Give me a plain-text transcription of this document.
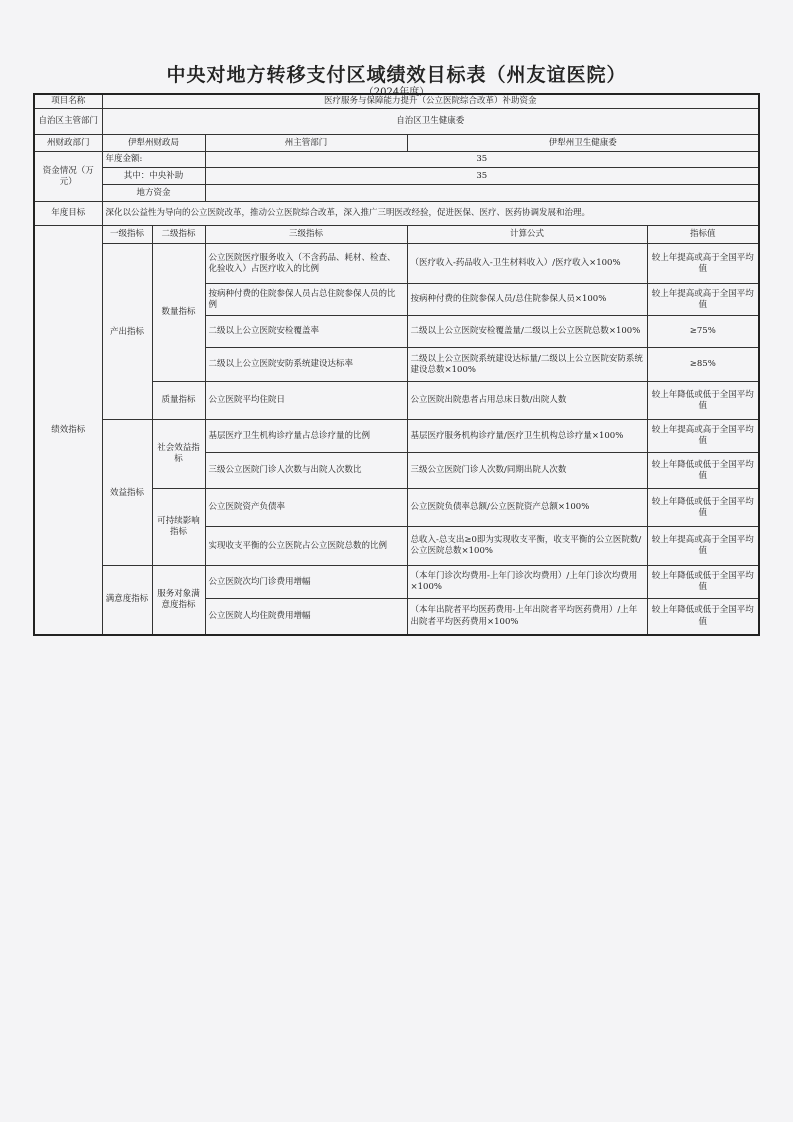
中央对地方转移支付区域绩效目标表（州友谊医院）
（2024年度）
项目名称	医疗服务与保障能力提升（公立医院综合改革）补助资金				
自治区主管部门	自治区卫生健康委				
州财政部门	伊犁州财政局		州主管部门	伊犁州卫生健康委	
资金情况（万元）	年度金额:		35		
	其中：中央补助		35		
	地方资金				
年度目标	深化以公益性为导向的公立医院改革，推动公立医院综合改革，深入推广三明医改经验，促进医保、医疗、医药协调发展和治理。				
绩效指标	一级指标	二级指标	三级指标	计算公式	指标值
	产出指标	数量指标	公立医院医疗服务收入（不含药品、耗材、检查、化验收入）占医疗收入的比例	（医疗收入-药品收入-卫生材料收入）/医疗收入×100%	较上年提高或高于全国平均值
			按病种付费的住院参保人员占总住院参保人员的比例	按病种付费的住院参保人员/总住院参保人员×100%	较上年提高或高于全国平均值
			二级以上公立医院安检覆盖率	二级以上公立医院安检覆盖量/二级以上公立医院总数×100%	≥75%
			二级以上公立医院安防系统建设达标率	二级以上公立医院系统建设达标量/二级以上公立医院安防系统建设总数×100%	≥85%
		质量指标	公立医院平均住院日	公立医院出院患者占用总床日数/出院人数	较上年降低或低于全国平均值
	效益指标	社会效益指标	基层医疗卫生机构诊疗量占总诊疗量的比例	基层医疗服务机构诊疗量/医疗卫生机构总诊疗量×100%	较上年提高或高于全国平均值
			三级公立医院门诊人次数与出院人次数比	三级公立医院门诊人次数/同期出院人次数	较上年降低或低于全国平均值
		可持续影响指标	公立医院资产负债率	公立医院负债率总额/公立医院资产总额×100%	较上年降低或低于全国平均值
			实现收支平衡的公立医院占公立医院总数的比例	总收入-总支出≥0即为实现收支平衡，收支平衡的公立医院数/公立医院总数×100%	较上年提高或高于全国平均值
	满意度指标	服务对象满意度指标	公立医院次均门诊费用增幅	（本年门诊次均费用-上年门诊次均费用）/上年门诊次均费用×100%	较上年降低或低于全国平均值
			公立医院人均住院费用增幅	（本年出院者平均医药费用-上年出院者平均医药费用）/上年出院者平均医药费用×100%	较上年降低或低于全国平均值
